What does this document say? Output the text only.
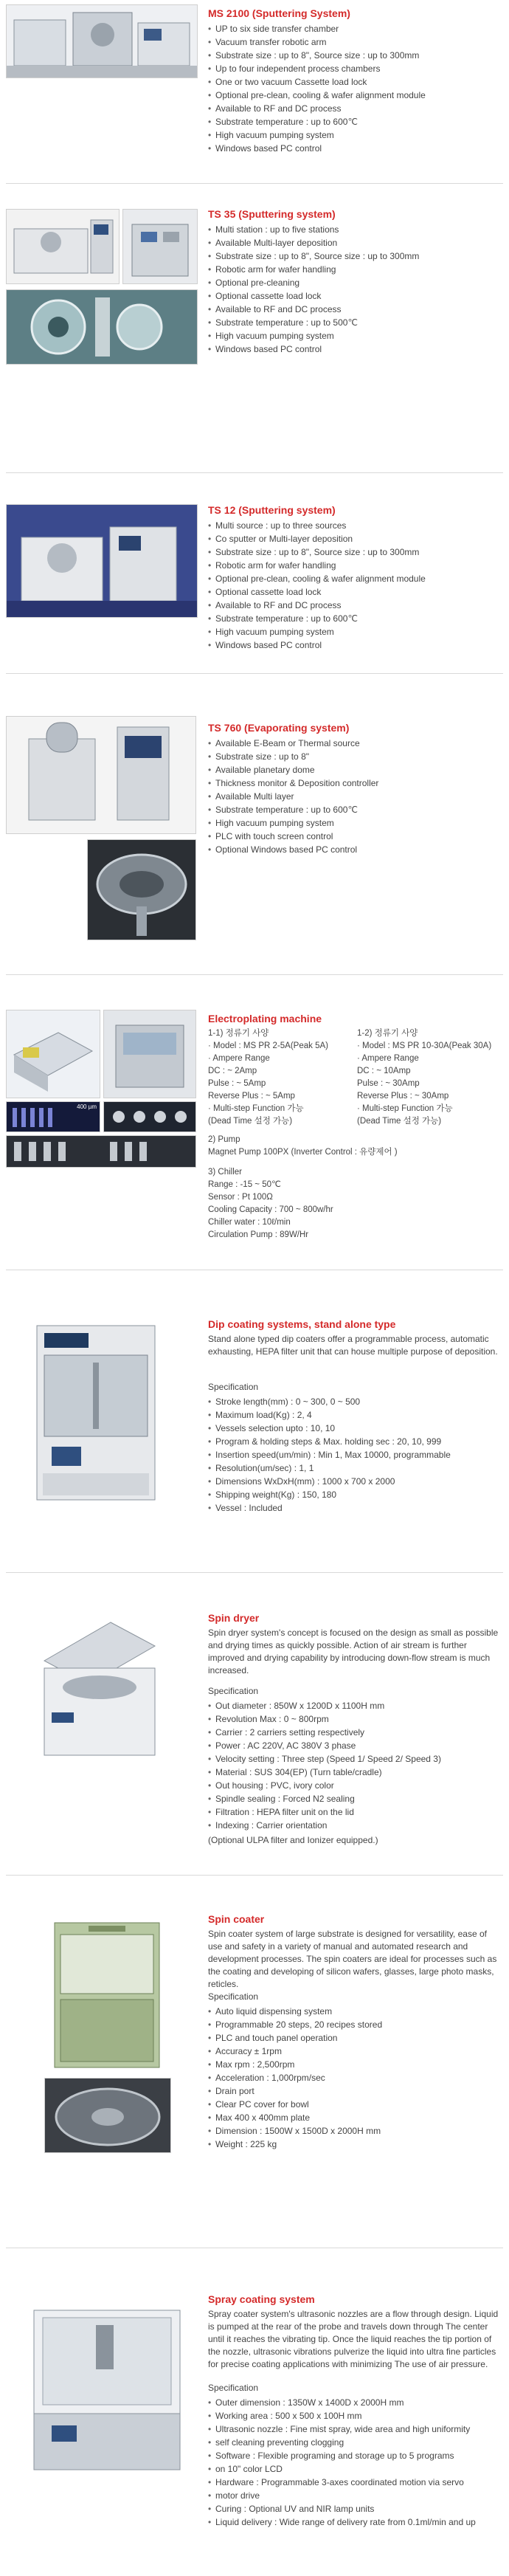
MS 2100 (Sputtering System)

• UP to six side transfer chamber
• Vacuum transfer robotic arm
• Substrate size : up to 8", Source size : up to 300mm
• Up to four independent process chambers
• One or two vacuum Cassette load lock
• Optional pre-clean, cooling & wafer alignment module
• Available to RF and DC process
• Substrate temperature : up to 600℃
• High vacuum pumping system
• Windows based PC control

TS 35 (Sputtering system)

• Multi station : up to five stations
• Available Multi-layer deposition
• Substrate size : up to 8", Source size : up to 300mm
• Robotic arm for wafer handling
• Optional pre-cleaning
• Optional cassette load lock
• Available to RF and DC process
• Substrate temperature : up to 500℃
• High vacuum pumping system
• Windows based PC control

TS 12 (Sputtering system)

• Multi source : up to three sources
• Co sputter or Multi-layer deposition
• Substrate size : up to 8", Source size : up to 300mm
• Robotic arm for wafer handling
• Optional pre-clean, cooling & wafer alignment module
• Optional cassette load lock
• Available to RF and DC process
• Substrate temperature : up to 600℃
• High vacuum pumping system
• Windows based PC control

TS 760 (Evaporating system)

• Available E-Beam or Thermal source
• Substrate size : up to 8"
• Available planetary dome
• Thickness monitor & Deposition controller
• Available Multi layer
• Substrate temperature : up to 600℃
• High vacuum pumping system
• PLC with touch screen control
• Optional Windows based PC control
400 µm

Electroplating machine

1-1) 정류기 사양
· Model : MS PR 2-5A(Peak 5A)
· Ampere Range
DC : ~ 2Amp
Pulse : ~ 5Amp
Reverse Plus : ~ 5Amp
· Multi-step Function 가능
(Dead Time 설정 가능)
1-2) 정류기 사양
· Model : MS PR 10-30A(Peak 30A)
· Ampere Range
DC : ~ 10Amp
Pulse : ~ 30Amp
Reverse Plus : ~ 30Amp
· Multi-step Function 가능
(Dead Time 설정 가능)
2) Pump
Magnet Pump 100PX (Inverter Control : 유량제어 )
3) Chiller
Range : -15 ~ 50℃
Sensor : Pt 100Ω
Cooling Capacity : 700 ~ 800w/hr
Chiller water : 10ℓ/min
Circulation Pump : 89W/Hr

Dip coating systems, stand alone type

Stand alone typed dip coaters offer a programmable process, automatic exhausting, HEPA filter unit that can house multiple purpose of deposition.

Specification

• Stroke length(mm) : 0 ~ 300, 0 ~ 500
• Maximum load(Kg) : 2, 4
• Vessels selection upto : 10, 10
• Program & holding steps & Max. holding sec : 20, 10, 999
• Insertion speed(um/min) : Min 1, Max 10000, programmable
• Resolution(um/sec) : 1, 1
• Dimensions WxDxH(mm) : 1000 x 700 x 2000
• Shipping weight(Kg) : 150, 180
• Vessel : Included

Spin dryer

Spin dryer system's concept is focused on the design as small as possible and drying times as quickly possible. Action of air stream is further improved and drying capability by introducing down-flow stream is much increased.

Specification

• Out diameter : 850W x 1200D x 1100H mm
• Revolution Max : 0 ~ 800rpm
• Carrier : 2 carriers setting respectively
• Power : AC 220V, AC 380V 3 phase
• Velocity setting : Three step (Speed 1/ Speed 2/ Speed 3)
• Material : SUS 304(EP) (Turn table/cradle)
• Out housing : PVC, ivory color
• Spindle sealing : Forced N2 sealing
• Filtration : HEPA filter unit on the lid
• Indexing : Carrier orientation

(Optional ULPA filter and Ionizer equipped.)

Spin coater

Spin coater system of large substrate is designed for versatility, ease of use and safety in a variety of manual and automated research and development processes. The spin coaters are ideal for processes such as the coating and developing of silicon wafers, glasses, large photo masks, reticles.

Specification

• Auto liquid dispensing system
• Programmable 20 steps, 20 recipes stored
• PLC and touch panel operation
• Accuracy ± 1rpm
• Max rpm : 2,500rpm
• Acceleration : 1,000rpm/sec
• Drain port
• Clear PC cover for bowl
• Max 400 x 400mm plate
• Dimension : 1500W x 1500D x 2000H mm
• Weight : 225 kg

Spray coating system

Spray coater system's ultrasonic nozzles are a flow through design. Liquid is pumped at the rear of the probe and travels down through The center until it reaches the vibrating tip. Once the liquid reaches the tip portion of the nozzle, ultrasonic vibrations pulverize the liquid into ultra fine particles for precise coating applications with minimizing The use of air pressure.

Specification

• Outer dimension : 1350W x 1400D x 2000H mm
• Working area : 500 x 500 x 100H mm
• Ultrasonic nozzle : Fine mist spray, wide area and high uniformity
• self cleaning preventing clogging
• Software : Flexible programing and storage up to 5 programs
• on 10" color LCD
• Hardware : Programmable 3-axes coordinated motion via servo
• motor drive
• Curing : Optional UV and NIR lamp units
• Liquid delivery : Wide range of delivery rate from 0.1ml/min and up
